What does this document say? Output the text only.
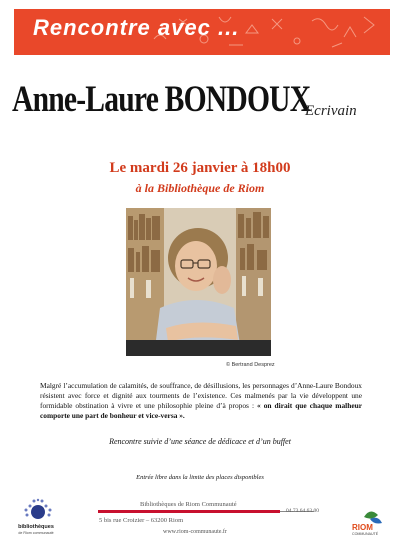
Rencontre avec ...
Anne-Laure BONDOUX
Ecrivain
Le mardi 26 janvier à 18h00
à la Bibliothèque de Riom
© Bertrand Desprez
Malgré l’accumulation de calamités, de souffrance, de désillusions, les personnages d’Anne-Laure Bondoux résistent avec force et dignité aux tourments de l’existence. Ces malmenés par la vie développent une formidable obstination à vivre et une philosophie pleine d’à propos : « on dirait que chaque malheur comporte une part de bonheur et vice-versa ».
Rencontre suivie d’une séance de dédicace et d’un buffet
Entrée libre dans la limite des places disponibles
Bibliothèques de Riom Communauté
04.73.64.63.00
5 bis rue Croizier – 63200 Riom
www.riom-communaute.fr
bibliothèques
de Riom communauté
RIOM
COMMUNAUTÉ
